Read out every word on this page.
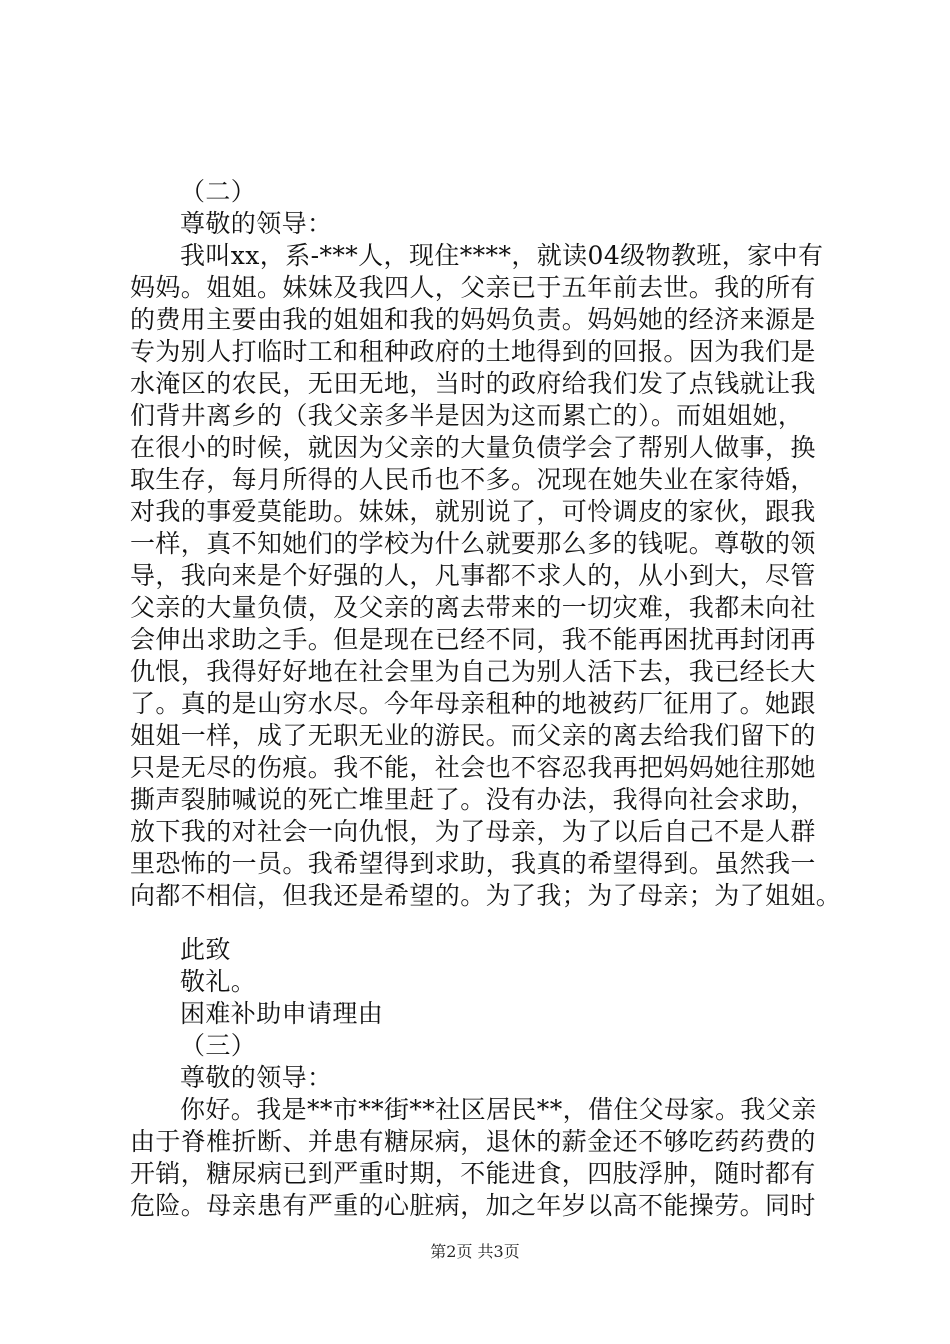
（二）
尊敬的领导：
我叫xx，系-***人，现住****，就读04级物教班，家中有
妈妈。姐姐。妹妹及我四人，父亲已于五年前去世。我的所有
的费用主要由我的姐姐和我的妈妈负责。妈妈她的经济来源是
专为别人打临时工和租种政府的土地得到的回报。因为我们是
水淹区的农民，无田无地，当时的政府给我们发了点钱就让我
们背井离乡的（我父亲多半是因为这而累亡的）。而姐姐她，
在很小的时候，就因为父亲的大量负债学会了帮别人做事，换
取生存，每月所得的人民币也不多。况现在她失业在家待婚，
对我的事爱莫能助。妹妹，就别说了，可怜调皮的家伙，跟我
一样，真不知她们的学校为什么就要那么多的钱呢。尊敬的领
导，我向来是个好强的人，凡事都不求人的，从小到大，尽管
父亲的大量负债，及父亲的离去带来的一切灾难，我都未向社
会伸出求助之手。但是现在已经不同，我不能再困扰再封闭再
仇恨，我得好好地在社会里为自己为别人活下去，我已经长大
了。真的是山穷水尽。今年母亲租种的地被药厂征用了。她跟
姐姐一样，成了无职无业的游民。而父亲的离去给我们留下的
只是无尽的伤痕。我不能，社会也不容忍我再把妈妈她往那她
撕声裂肺喊说的死亡堆里赶了。没有办法，我得向社会求助，
放下我的对社会一向仇恨，为了母亲，为了以后自己不是人群
里恐怖的一员。我希望得到求助，我真的希望得到。虽然我一
向都不相信，但我还是希望的。为了我；为了母亲；为了姐姐。
此致
敬礼。
困难补助申请理由
（三）
尊敬的领导：
你好。我是**市**街**社区居民**，借住父母家。我父亲
由于脊椎折断、并患有糖尿病，退休的薪金还不够吃药药费的
开销，糖尿病已到严重时期，不能进食，四肢浮肿，随时都有
危险。母亲患有严重的心脏病，加之年岁以高不能操劳。同时
第2页 共3页
